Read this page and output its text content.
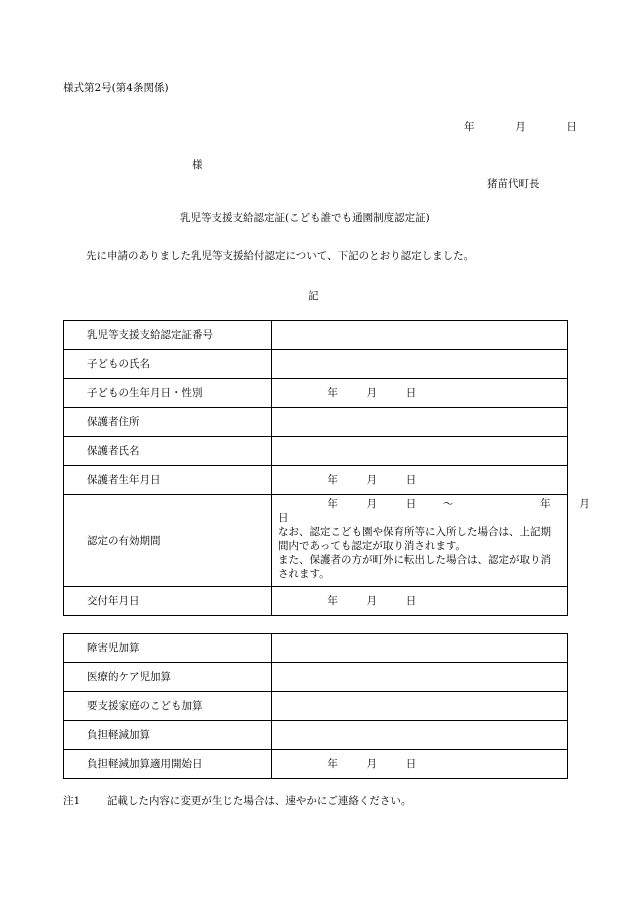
様式第2号(第4条関係)
年	月	日
様
猪苗代町長
乳児等支援支給認定証(こども誰でも通園制度認定証)
先に申請のありました乳児等支援給付認定について、下記のとおり認定しました。
記
乳児等支援支給認定証番号	
子どもの氏名	
子どもの生年月日・性別	年 月 日
保護者住所	
保護者氏名	
保護者生年月日	年 月 日
認定の有効期間	年 月 日 〜 年 月
日
なお、認定こども園や保育所等に入所した場合は、上記期間内であっても認定が取り消されます。
また、保護者の方が町外に転出した場合は、認定が取り消されます。

交付年月日	年 月 日
障害児加算	
医療的ケア児加算	
要支援家庭のこども加算	
負担軽減加算	
負担軽減加算適用開始日	年 月 日
注1	記載した内容に変更が生じた場合は、速やかにご連絡ください。
